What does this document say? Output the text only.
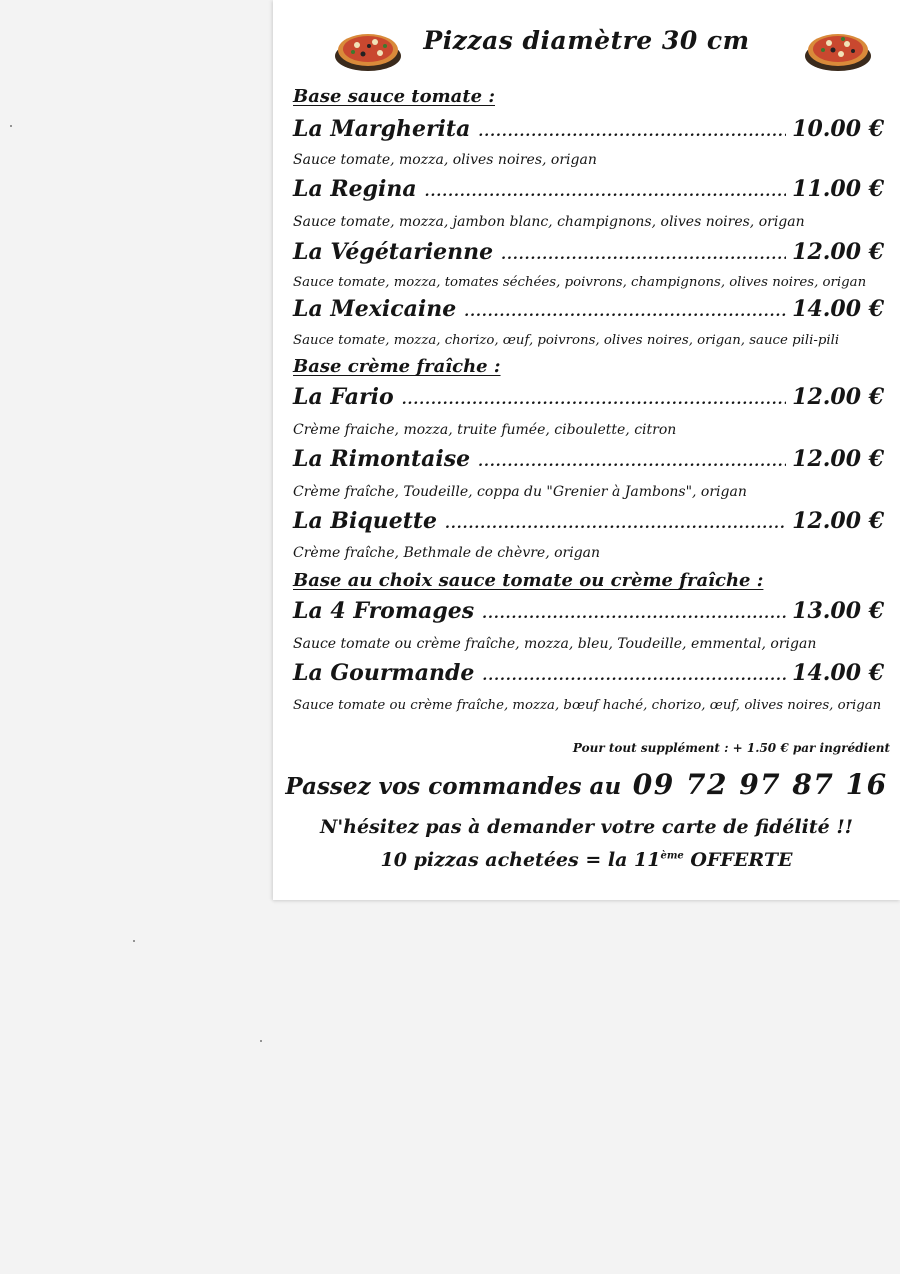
Pizzas diamètre 30 cm
Base sauce tomate :
La Margherita .....	10.00 €
Sauce tomate, mozza, olives noires, origan
La Regina .....	11.00 €
Sauce tomate, mozza, jambon blanc, champignons, olives noires, origan
La Végétarienne .....	12.00 €
Sauce tomate, mozza, tomates séchées, poivrons, champignons, olives noires, origan
La Mexicaine .....	14.00 €
Sauce tomate, mozza, chorizo, œuf, poivrons, olives noires, origan, sauce pili-pili
Base crème fraîche :
La Fario .....	12.00 €
Crème fraiche, mozza, truite fumée, ciboulette, citron
La Rimontaise .....	12.00 €
Crème fraîche, Toudeille, coppa du "Grenier à Jambons", origan
La Biquette .....	12.00 €
Crème fraîche, Bethmale de chèvre, origan
Base au choix sauce tomate ou crème fraîche :
La 4 Fromages .....	13.00 €
Sauce tomate ou crème fraîche, mozza, bleu, Toudeille, emmental, origan
La Gourmande .....	14.00 €
Sauce tomate ou crème fraîche, mozza, bœuf haché, chorizo, œuf, olives noires, origan
Pour tout supplément : + 1.50 € par ingrédient
Passez vos commandes au 09 72 97 87 16
N'hésitez pas à demander votre carte de fidélité !!
10 pizzas achetées = la 11ème OFFERTE
